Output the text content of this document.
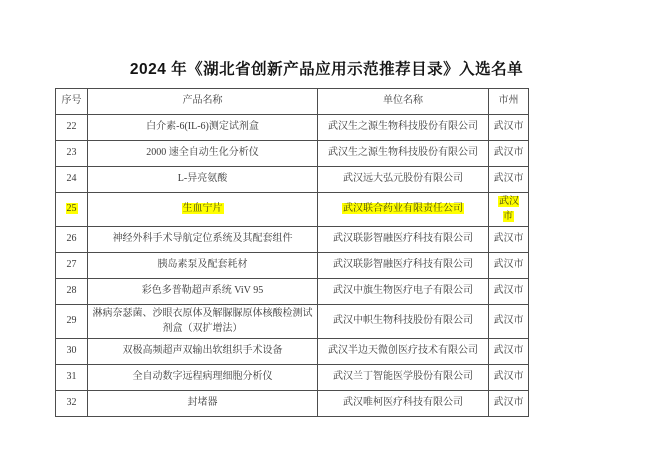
2024 年《湖北省创新产品应用示范推荐目录》入选名单
序号	产品名称	单位名称	市州
22	白介素-6(IL-6)测定试剂盒	武汉生之源生物科技股份有限公司	武汉市
23	2000 速全自动生化分析仪	武汉生之源生物科技股份有限公司	武汉市
24	L-异亮氨酸	武汉远大弘元股份有限公司	武汉市
25	生血宁片	武汉联合药业有限责任公司	武汉市
26	神经外科手术导航定位系统及其配套组件	武汉联影智融医疗科技有限公司	武汉市
27	胰岛素泵及配套耗材	武汉联影智融医疗科技有限公司	武汉市
28	彩色多普勒超声系统 ViV 95	武汉中旗生物医疗电子有限公司	武汉市
29	淋病奈瑟菌、沙眼衣原体及解脲脲原体核酸检测试剂盒（双扩增法）	武汉中帜生物科技股份有限公司	武汉市
30	双极高频超声双输出软组织手术设备	武汉半边天微创医疗技术有限公司	武汉市
31	全自动数字远程病理细胞分析仪	武汉兰丁智能医学股份有限公司	武汉市
32	封堵器	武汉唯柯医疗科技有限公司	武汉市
